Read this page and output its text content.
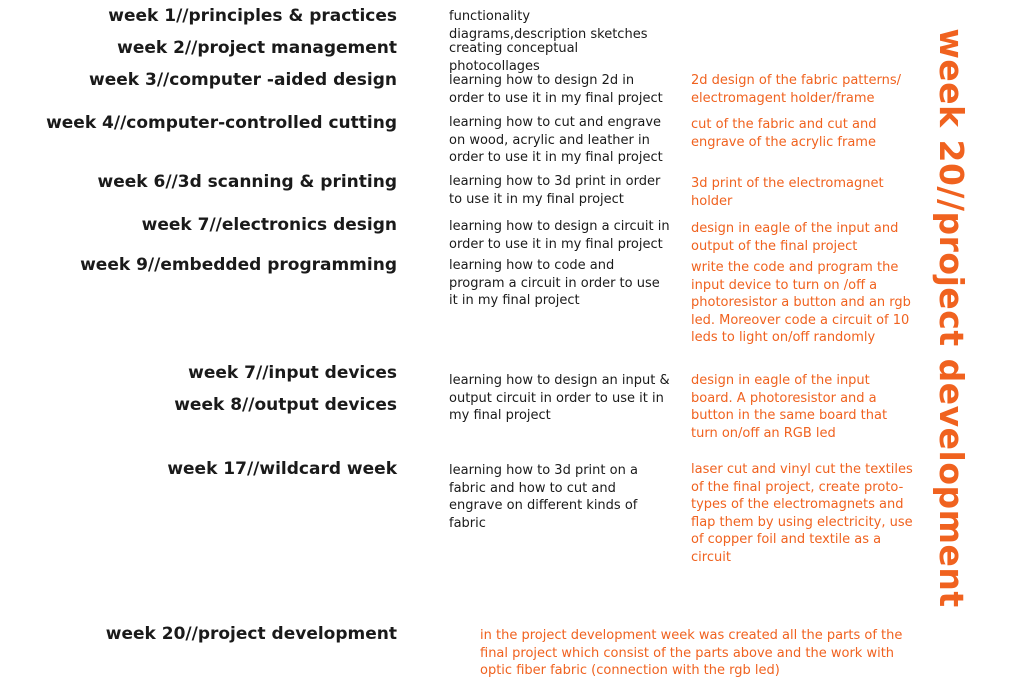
week 1//principles & practices
week 2//project management
week 3//computer -aided design
week 4//computer-controlled cutting
week 6//3d scanning & printing
week 7//electronics design
week 9//embedded programming
week 7//input devices
week 8//output devices
week 17//wildcard week
week 20//project development
functionality diagrams,description sketches
creating conceptual photocollages
learning how to design 2d in order to use it in my final project
learning how to cut and engrave on wood, acrylic and leather in order to use it in my final project
learning how to 3d print in order to use it in my final project
learning how to design a circuit in order to use it in my final project
learning how to code and program a circuit in order to use it in my final project
learning how to design an input & output circuit in order to use it in my final project
learning how to 3d print on a fabric and how to cut and engrave on different kinds of fabric
2d design of the fabric patterns/ electromagent holder/frame
cut of the fabric and cut and engrave of the acrylic frame
3d print of the electromagnet holder
design in eagle of the input and output of the final project
write the code and program the input device to turn on /off a photoresistor a button and an rgb led. Moreover code a circuit of 10 leds to light on/off randomly
design in eagle of the input board. A photoresistor and a button in the same board that turn on/off an RGB led
laser cut and vinyl cut the textiles of the final project, create proto-types of the electromagnets and flap them by using electricity, use of copper foil and textile as a circuit
in the project development week was created all the parts of the final project which consist of the parts above and the work with optic fiber fabric (connection with the rgb led)
week 20//project development
